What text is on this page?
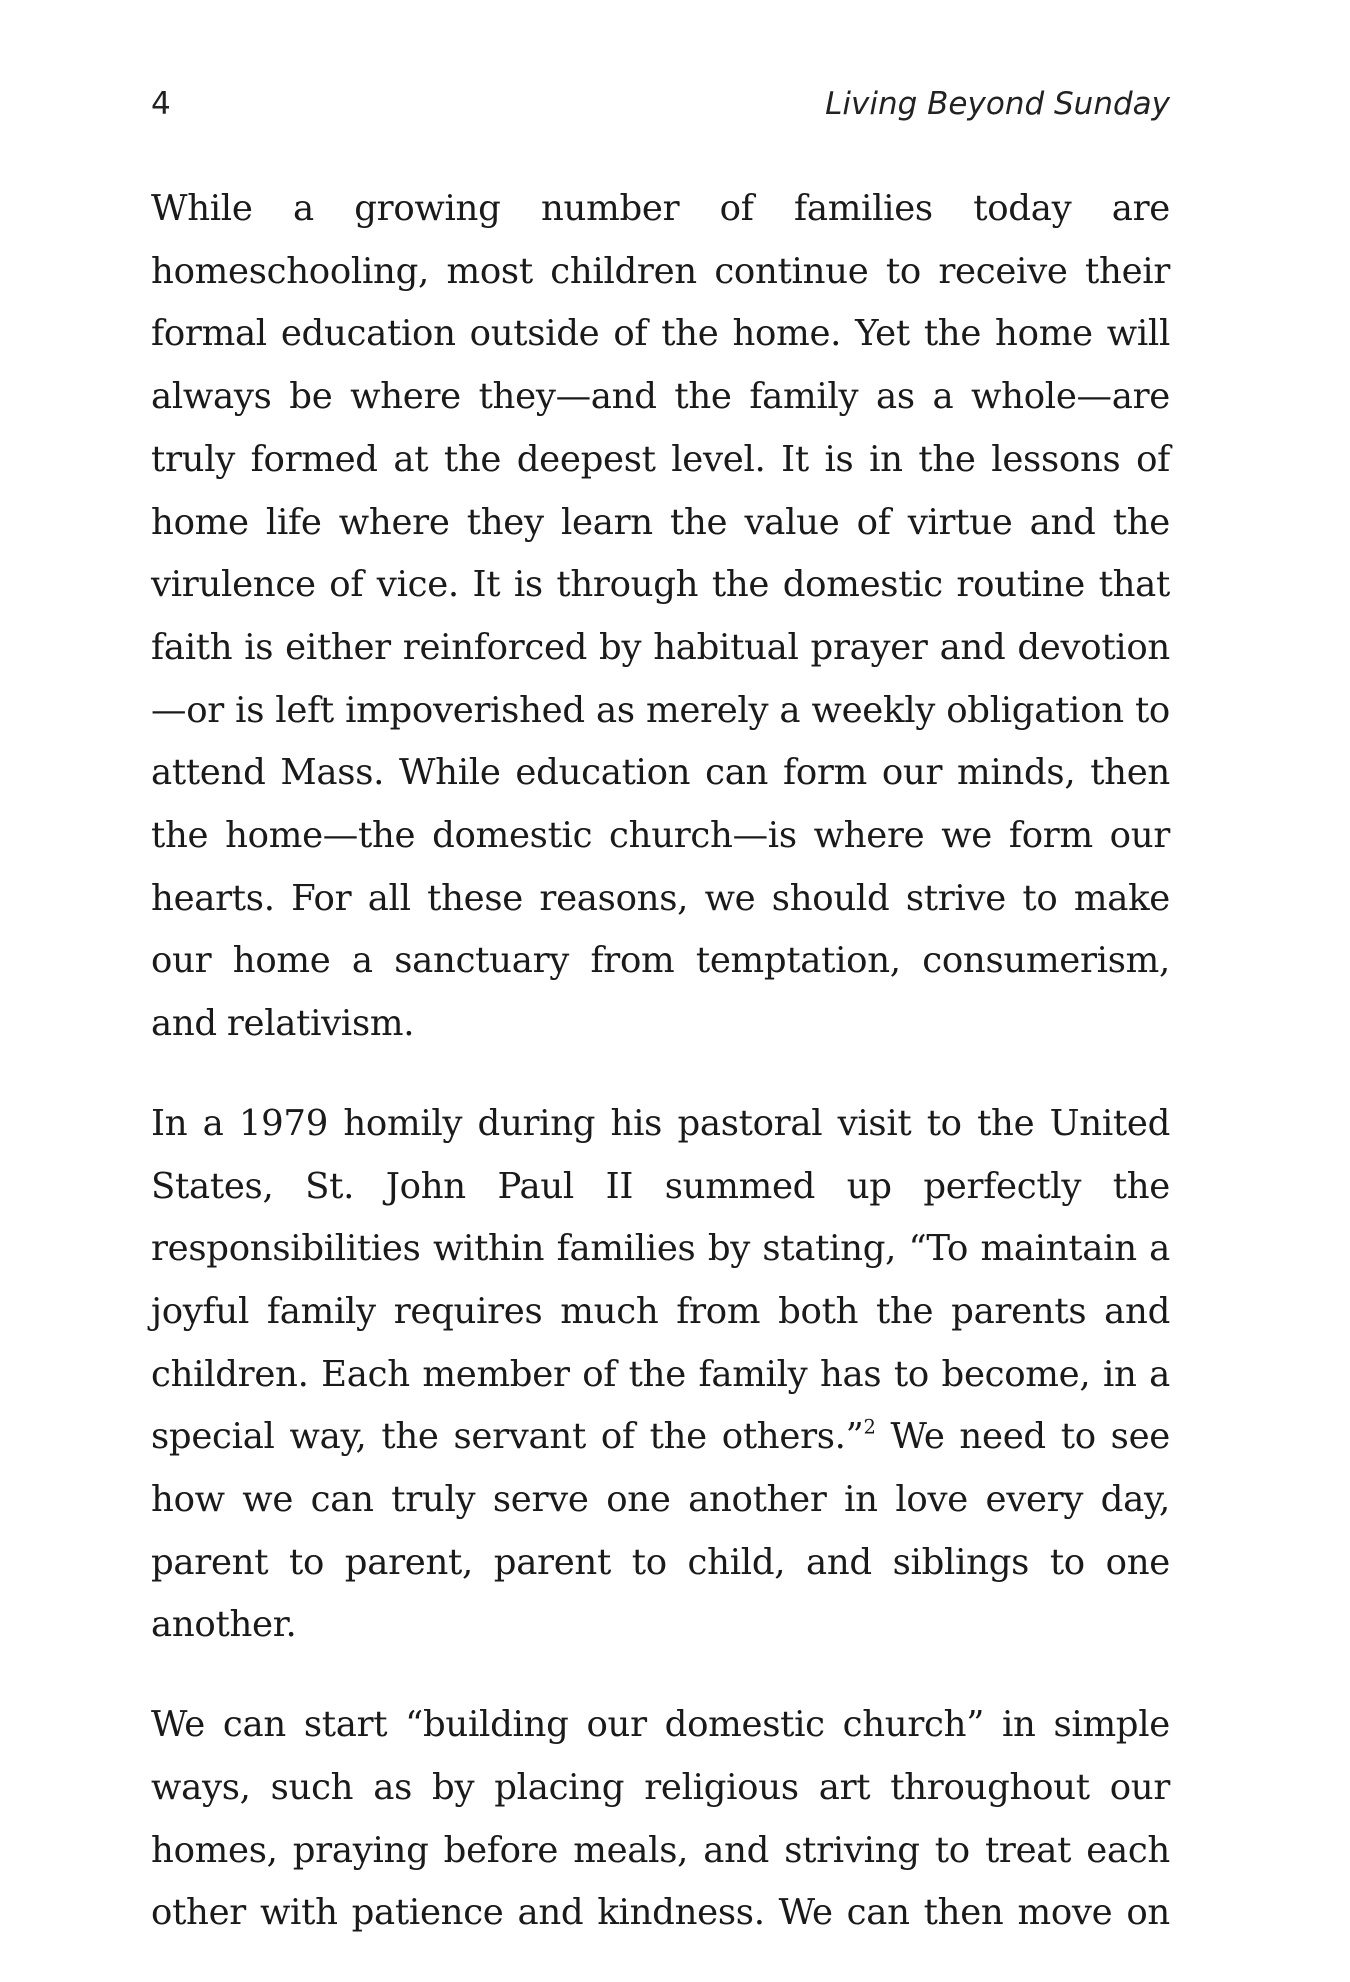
4	Living Beyond Sunday

While a growing number of families today are homeschooling, most children continue to receive their formal education outside of the home. Yet the home will always be where they—and the family as a whole—are truly formed at the deepest level. It is in the lessons of home life where they learn the value of virtue and the virulence of vice. It is through the domestic routine that faith is either reinforced by habitual prayer and devotion—or is left impoverished as merely a weekly obligation to attend Mass. While education can form our minds, then the home—the domestic church—is where we form our hearts. For all these reasons, we should strive to make our home a sanctuary from temptation, consumerism, and relativism.

In a 1979 homily during his pastoral visit to the United States, St. John Paul II summed up perfectly the responsibilities within families by stating, “To maintain a joyful family requires much from both the parents and children. Each member of the family has to become, in a special way, the servant of the others.”$^2$ We need to see how we can truly serve one another in love every day, parent to parent, parent to child, and siblings to one another.

We can start “building our domestic church” in simple ways, such as by placing religious art throughout our homes, praying before meals, and striving to treat each other with patience and kindness. We can then move on
